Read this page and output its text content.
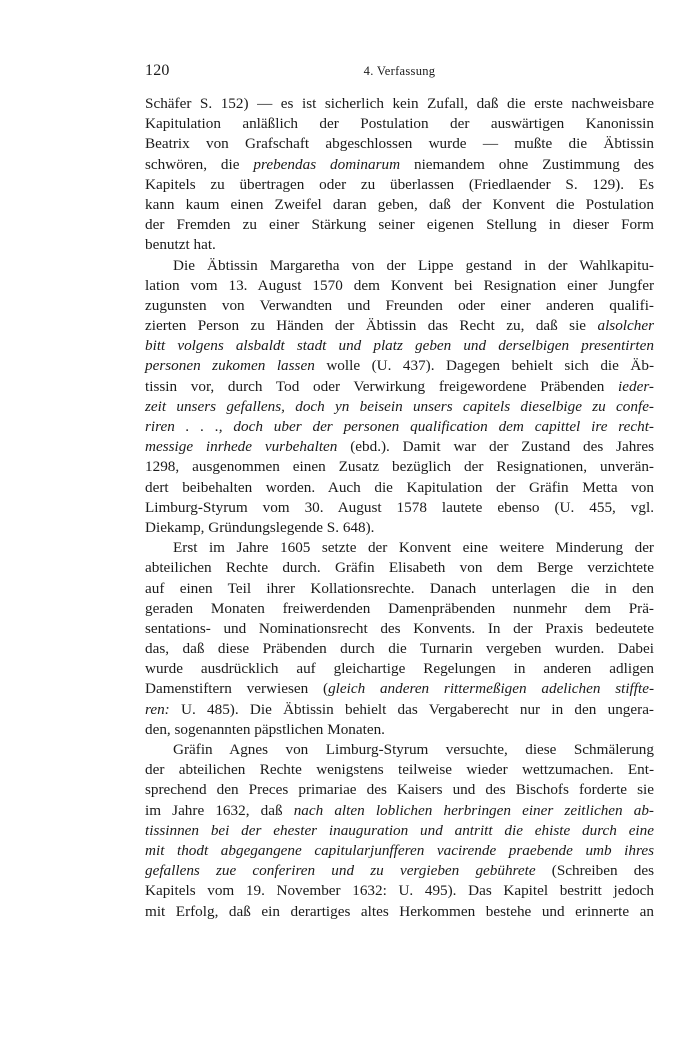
120	4. Verfassung
Schäfer S. 152) — es ist sicherlich kein Zufall, daß die erste nachweisbare
Kapitulation anläßlich der Postulation der auswärtigen Kanonissin
Beatrix von Grafschaft abgeschlossen wurde — mußte die Äbtissin
schwören, die prebendas dominarum niemandem ohne Zustimmung des
Kapitels zu übertragen oder zu überlassen (Friedlaender S. 129). Es
kann kaum einen Zweifel daran geben, daß der Konvent die Postulation
der Fremden zu einer Stärkung seiner eigenen Stellung in dieser Form
benutzt hat.
Die Äbtissin Margaretha von der Lippe gestand in der Wahlkapitu-
lation vom 13. August 1570 dem Konvent bei Resignation einer Jungfer
zugunsten von Verwandten und Freunden oder einer anderen qualifi-
zierten Person zu Händen der Äbtissin das Recht zu, daß sie alsolcher
bitt volgens alsbaldt stadt und platz geben und derselbigen presentirten
personen zukomen lassen wolle (U. 437). Dagegen behielt sich die Äb-
tissin vor, durch Tod oder Verwirkung freigewordene Präbenden ieder-
zeit unsers gefallens, doch yn beisein unsers capitels dieselbige zu confe-
riren . . ., doch uber der personen qualification dem capittel ire recht-
messige inrhede vurbehalten (ebd.). Damit war der Zustand des Jahres
1298, ausgenommen einen Zusatz bezüglich der Resignationen, unverän-
dert beibehalten worden. Auch die Kapitulation der Gräfin Metta von
Limburg-Styrum vom 30. August 1578 lautete ebenso (U. 455, vgl.
Diekamp, Gründungslegende S. 648).
Erst im Jahre 1605 setzte der Konvent eine weitere Minderung der
abteilichen Rechte durch. Gräfin Elisabeth von dem Berge verzichtete
auf einen Teil ihrer Kollationsrechte. Danach unterlagen die in den
geraden Monaten freiwerdenden Damenpräbenden nunmehr dem Prä-
sentations- und Nominationsrecht des Konvents. In der Praxis bedeutete
das, daß diese Präbenden durch die Turnarin vergeben wurden. Dabei
wurde ausdrücklich auf gleichartige Regelungen in anderen adligen
Damenstiftern verwiesen (gleich anderen rittermeßigen adelichen stiffte-
ren: U. 485). Die Äbtissin behielt das Vergaberecht nur in den ungera-
den, sogenannten päpstlichen Monaten.
Gräfin Agnes von Limburg-Styrum versuchte, diese Schmälerung
der abteilichen Rechte wenigstens teilweise wieder wettzumachen. Ent-
sprechend den Preces primariae des Kaisers und des Bischofs forderte sie
im Jahre 1632, daß nach alten loblichen herbringen einer zeitlichen ab-
tissinnen bei der ehester inauguration und antritt die ehiste durch eine
mit thodt abgegangene capitularjunfferen vacirende praebende umb ihres
gefallens zue conferiren und zu vergieben gebührete (Schreiben des
Kapitels vom 19. November 1632: U. 495). Das Kapitel bestritt jedoch
mit Erfolg, daß ein derartiges altes Herkommen bestehe und erinnerte an
